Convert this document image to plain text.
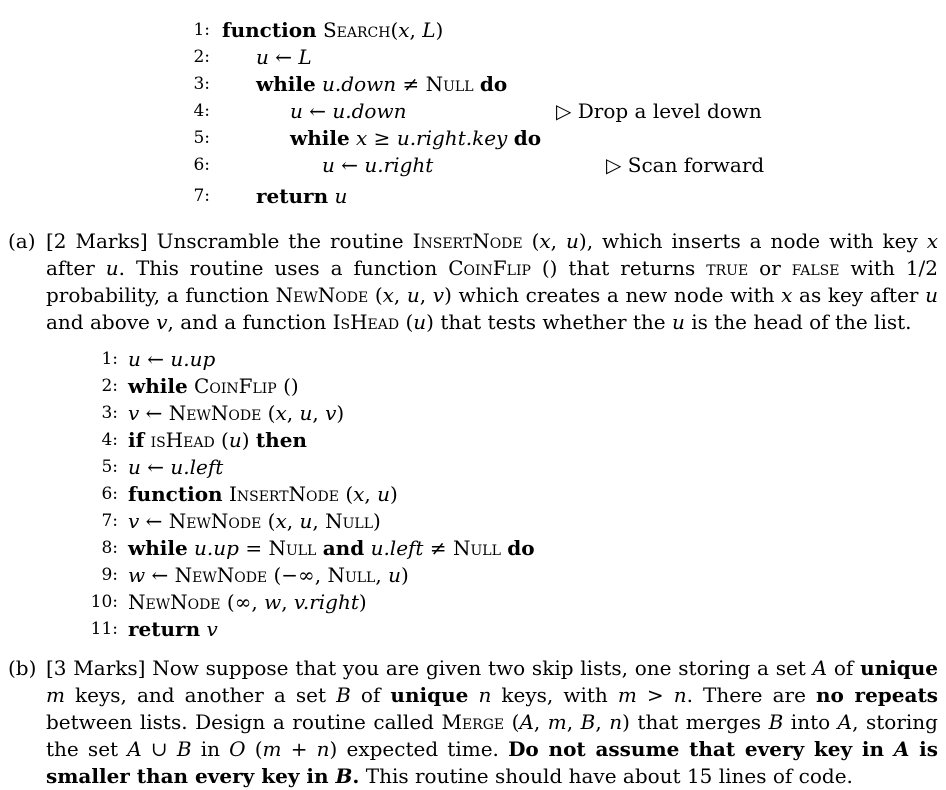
1: function Search(x, L)
2: u ← L
3: while u.down ≠ Null do
4:	u ← u.down	▷ Drop a level down
5:	while x ≥ u.right.key do
6:	u ← u.right	▷ Scan forward
7: return u
(a) [2 Marks] Unscramble the routine InsertNode (x, u), which inserts a node with key x after u. This routine uses a function CoinFlip () that returns true or false with 1/2 probability, a function NewNode (x, u, v) which creates a new node with x as key after u and above v, and a function IsHead (u) that tests whether the u is the head of the list.
1: u ← u.up
2: while CoinFlip ()
3: v ← NewNode (x, u, v)
4: if isHead (u) then
5: u ← u.left
6: function InsertNode (x, u)
7: v ← NewNode (x, u, Null)
8: while u.up = Null and u.left ≠ Null do
9: w ← NewNode (−∞, Null, u)
10: NewNode (∞, w, v.right)
11: return v
(b) [3 Marks] Now suppose that you are given two skip lists, one storing a set A of unique m keys, and another a set B of unique n keys, with m > n. There are no repeats between lists. Design a routine called Merge (A, m, B, n) that merges B into A, storing the set A ∪ B in O (m + n) expected time. Do not assume that every key in A is smaller than every key in B. This routine should have about 15 lines of code.
